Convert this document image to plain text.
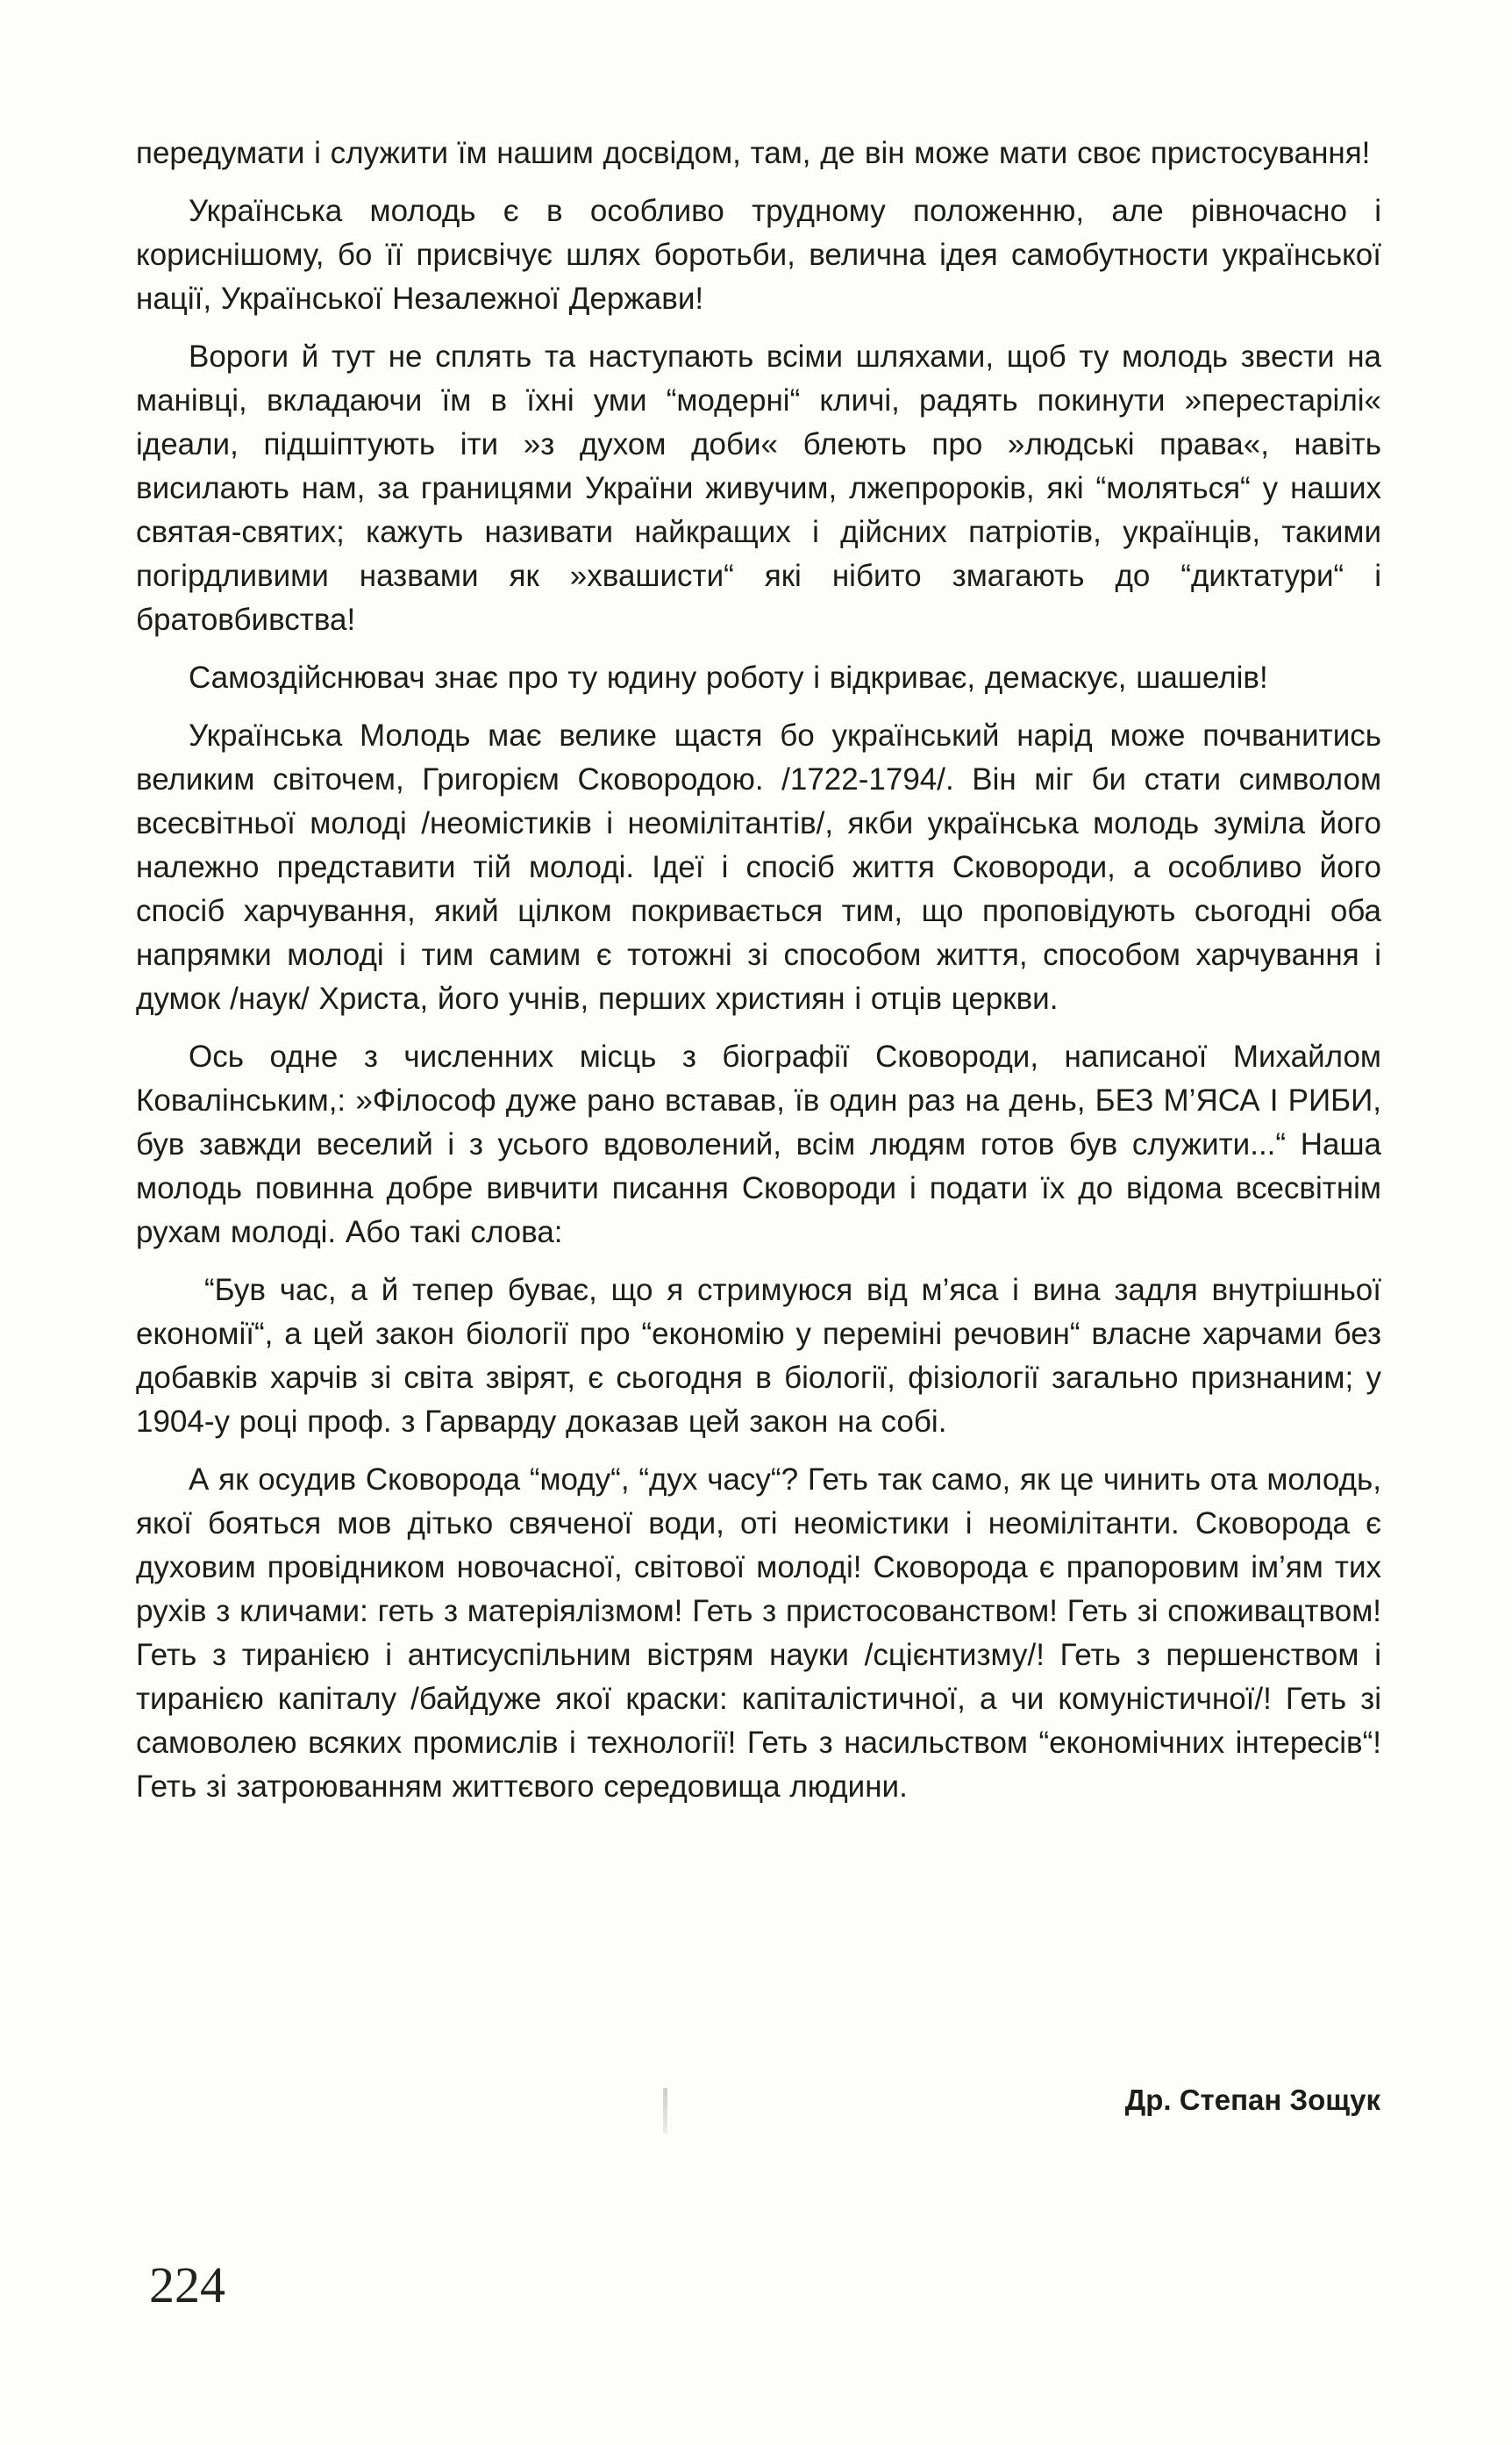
передумати і служити їм нашим досвідом, там, де він може мати своє пристосування!

Українська молодь є в особливо трудному положенню, але рівночасно і кориснішому, бо її присвічує шлях боротьби, велична ідея самобутности української нації, Української Незалежної Держави!

Вороги й тут не сплять та наступають всіми шляхами, щоб ту молодь звести на манівці, вкладаючи їм в їхні уми “модерні“ кличі, радять покинути »перестарілі« ідеали, підшіптують іти »з духом доби« блеють про »людські права«, навіть висилають нам, за границями України живучим, лжепророків, які “моляться“ у наших святая-святих; кажуть називати найкращих і дійсних патріотів, українців, такими погірдливими назвами як »хвашисти“ які нібито змагають до “диктатури“ і братовбивства!

Самоздійснювач знає про ту юдину роботу і відкриває, демаскує, шашелів!

Українська Молодь має велике щастя бо український нарід може почванитись великим світочем, Григорієм Сковородою. /1722-1794/. Він міг би стати символом всесвітньої молоді /неомістиків і неомілітантів/, якби українська молодь зуміла його належно представити тій молоді. Ідеї і спосіб життя Сковороди, а особливо його спосіб харчування, який цілком покривається тим, що проповідують сьогодні оба напрямки молоді і тим самим є тотожні зі способом життя, способом харчування і думок /наук/ Христа, його учнів, перших християн і отців церкви.

Ось одне з численних місць з біографії Сковороди, написаної Михайлом Ковалінським,: »Філософ дуже рано вставав, їв один раз на день, БЕЗ М’ЯСА І РИБИ, був завжди веселий і з усього вдоволений, всім людям готов був служити...“ Наша молодь повинна добре вивчити писання Сковороди і подати їх до відома всесвітнім рухам молоді. Або такі слова:

“Був час, а й тепер буває, що я стримуюся від м’яса і вина задля внутрішньої економії“, а цей закон біології про “економію у переміні речовин“ власне харчами без добавків харчів зі світа звірят, є сьогодня в біології, фізіології загально признаним; у 1904-у році проф. з Гарварду доказав цей закон на собі.

А як осудив Сковорода “моду“, “дух часу“? Геть так само, як це чинить ота молодь, якої бояться мов дітько свяченої води, оті неомістики і неомілітанти. Сковорода є духовим провідником новочасної, світової молоді! Сковорода є прапоровим ім’ям тих рухів з кличами: геть з матеріялізмом! Геть з пристосованством! Геть зі споживацтвом! Геть з тиранією і антисуспільним вістрям науки /сцієнтизму/! Геть з першенством і тиранією капіталу /байдуже якої краски: капіталістичної, а чи комуністичної/! Геть зі самоволею всяких промислів і технології! Геть з насильством “економічних інтересів“! Геть зі затроюванням життєвого середовища людини.

Др. Степан Зощук
224
